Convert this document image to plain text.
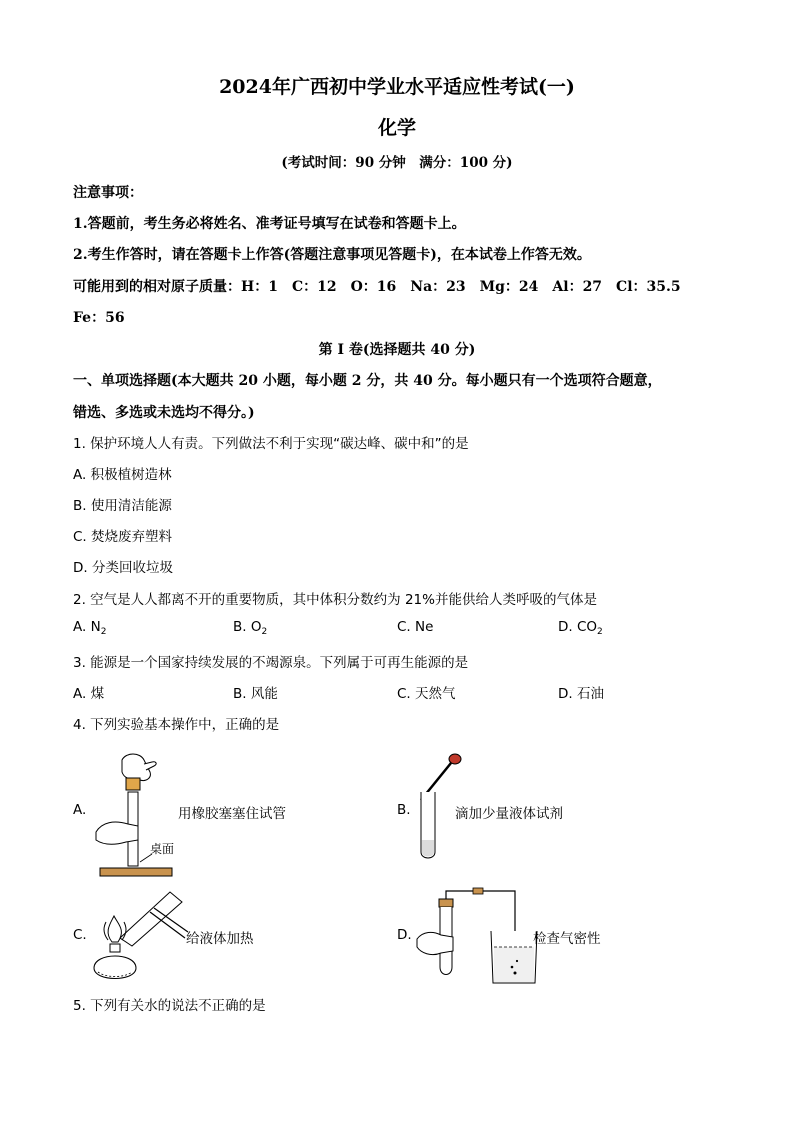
2024年广西初中学业水平适应性考试(一)
化学
(考试时间：90 分钟　满分：100 分)
注意事项：
1.答题前，考生务必将姓名、准考证号填写在试卷和答题卡上。
2.考生作答时，请在答题卡上作答(答题注意事项见答题卡)，在本试卷上作答无效。
可能用到的相对原子质量：H：1　C：12　O：16　Na：23　Mg：24　Al：27　Cl：35.5
Fe：56
第 I 卷(选择题共 40 分)
一、单项选择题(本大题共 20 小题，每小题 2 分，共 40 分。每小题只有一个选项符合题意，
错选、多选或未选均不得分。)
1. 保护环境人人有责。下列做法不利于实现“碳达峰、碳中和”的是
A. 积极植树造林
B. 使用清洁能源
C. 焚烧废弃塑料
D. 分类回收垃圾
2. 空气是人人都离不开的重要物质，其中体积分数约为 21%并能供给人类呼吸的气体是
A. $N_2$	B. $O_2$	C. Ne	D. $CO_2$
3. 能源是一个国家持续发展的不竭源泉。下列属于可再生能源的是
A. 煤	B. 风能	C. 天然气	D. 石油
4. 下列实验基本操作中，正确的是
A.
桌面
用橡胶塞塞住试管	B.	滴加少量液体试剂
C.	给液体加热	D.	检查气密性
5. 下列有关水的说法不正确的是
